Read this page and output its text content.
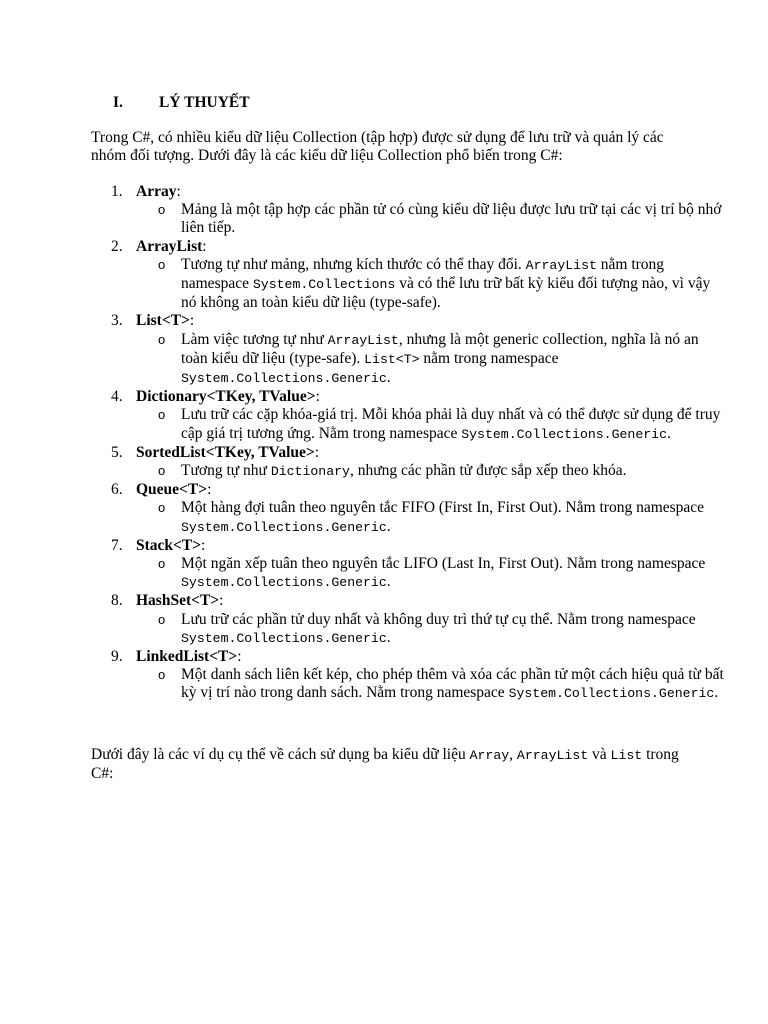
I. LÝ THUYẾT
Trong C#, có nhiều kiểu dữ liệu Collection (tập hợp) được sử dụng để lưu trữ và quản lý các nhóm đối tượng. Dưới đây là các kiểu dữ liệu Collection phổ biến trong C#:
1. Array:
o Mảng là một tập hợp các phần tử có cùng kiểu dữ liệu được lưu trữ tại các vị trí bộ nhớ liên tiếp.
2. ArrayList:
o Tương tự như mảng, nhưng kích thước có thể thay đổi. ArrayList nằm trong namespace System.Collections và có thể lưu trữ bất kỳ kiểu đối tượng nào, vì vậy nó không an toàn kiểu dữ liệu (type-safe).
3. List<T>:
o Làm việc tương tự như ArrayList, nhưng là một generic collection, nghĩa là nó an toàn kiểu dữ liệu (type-safe). List<T> nằm trong namespace System.Collections.Generic.
4. Dictionary<TKey, TValue>:
o Lưu trữ các cặp khóa-giá trị. Mỗi khóa phải là duy nhất và có thể được sử dụng để truy cập giá trị tương ứng. Nằm trong namespace System.Collections.Generic.
5. SortedList<TKey, TValue>:
o Tương tự như Dictionary, nhưng các phần tử được sắp xếp theo khóa.
6. Queue<T>:
o Một hàng đợi tuân theo nguyên tắc FIFO (First In, First Out). Nằm trong namespace System.Collections.Generic.
7. Stack<T>:
o Một ngăn xếp tuân theo nguyên tắc LIFO (Last In, First Out). Nằm trong namespace System.Collections.Generic.
8. HashSet<T>:
o Lưu trữ các phần tử duy nhất và không duy trì thứ tự cụ thể. Nằm trong namespace System.Collections.Generic.
9. LinkedList<T>:
o Một danh sách liên kết kép, cho phép thêm và xóa các phần tử một cách hiệu quả từ bất kỳ vị trí nào trong danh sách. Nằm trong namespace System.Collections.Generic.
Dưới đây là các ví dụ cụ thể về cách sử dụng ba kiểu dữ liệu Array, ArrayList và List trong C#:
